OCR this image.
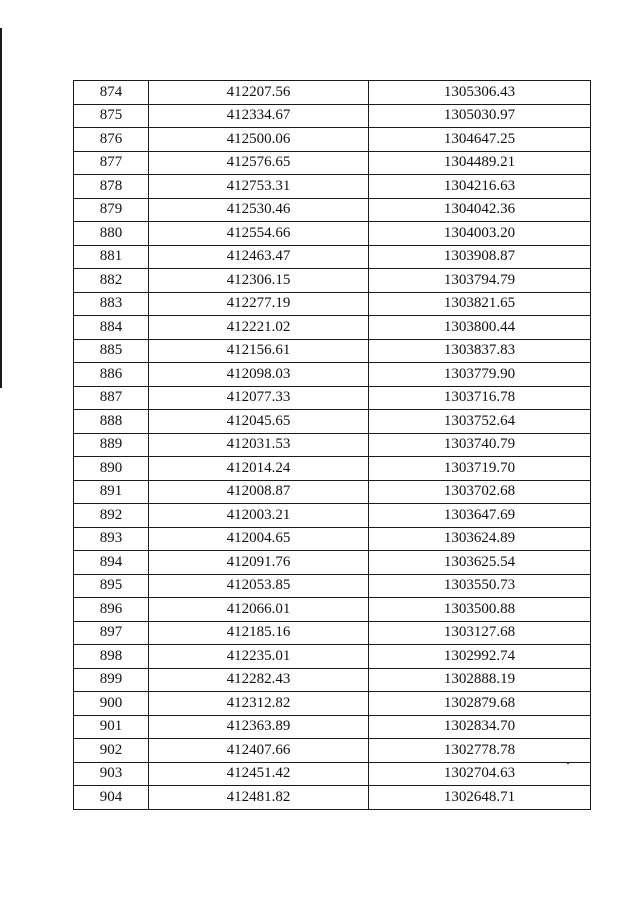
874	412207.56	1305306.43
875	412334.67	1305030.97
876	412500.06	1304647.25
877	412576.65	1304489.21
878	412753.31	1304216.63
879	412530.46	1304042.36
880	412554.66	1304003.20
881	412463.47	1303908.87
882	412306.15	1303794.79
883	412277.19	1303821.65
884	412221.02	1303800.44
885	412156.61	1303837.83
886	412098.03	1303779.90
887	412077.33	1303716.78
888	412045.65	1303752.64
889	412031.53	1303740.79
890	412014.24	1303719.70
891	412008.87	1303702.68
892	412003.21	1303647.69
893	412004.65	1303624.89
894	412091.76	1303625.54
895	412053.85	1303550.73
896	412066.01	1303500.88
897	412185.16	1303127.68
898	412235.01	1302992.74
899	412282.43	1302888.19
900	412312.82	1302879.68
901	412363.89	1302834.70
902	412407.66	1302778.78
903	412451.42	1302704.63
904	412481.82	1302648.71
